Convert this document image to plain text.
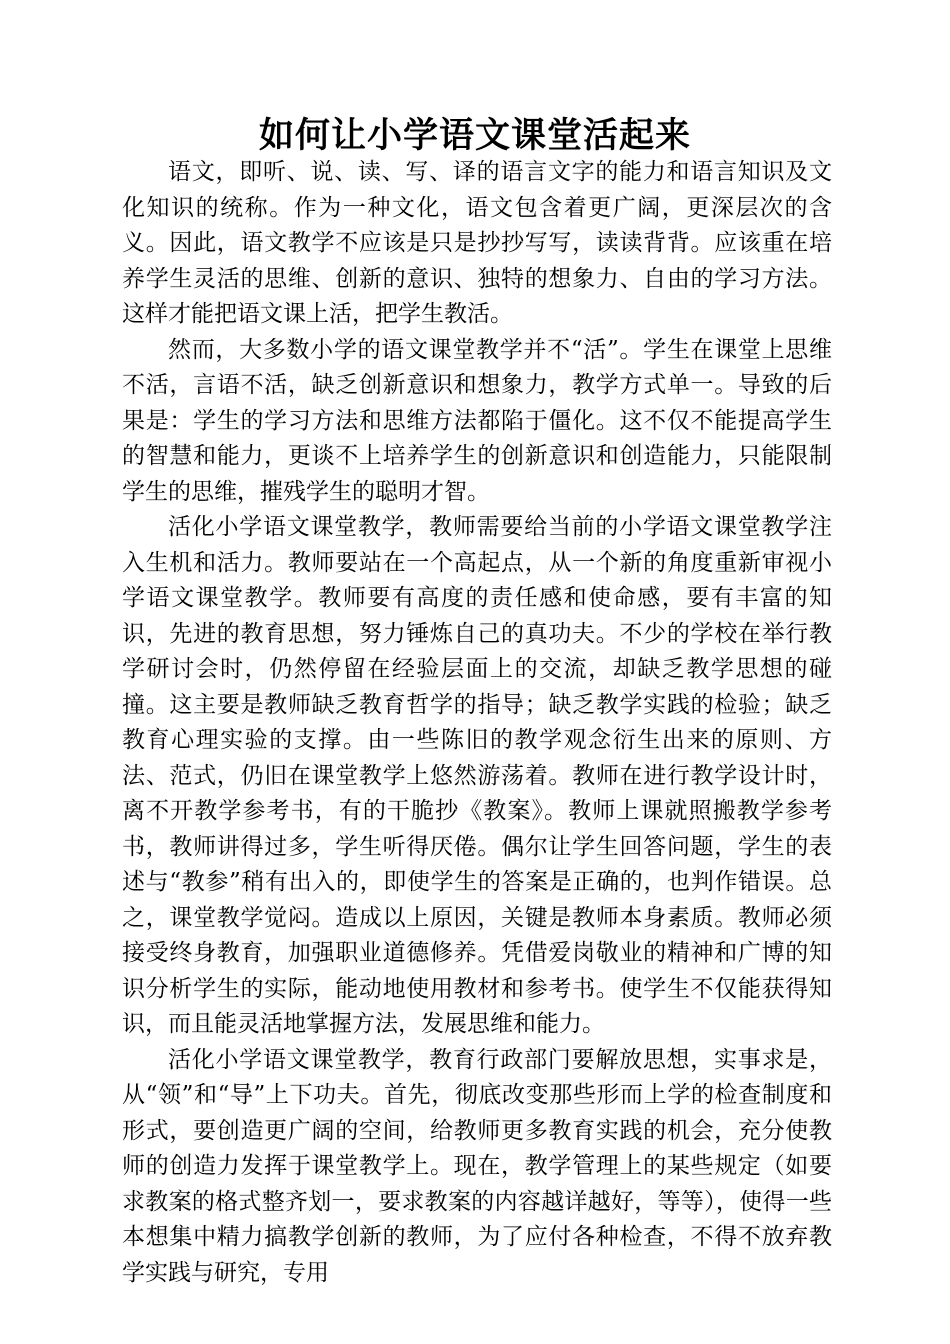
如何让小学语文课堂活起来

语文，即听、说、读、写、译的语言文字的能力和语言知识及文化知识的统称。作为一种文化，语文包含着更广阔，更深层次的含义。因此，语文教学不应该是只是抄抄写写，读读背背。应该重在培养学生灵活的思维、创新的意识、独特的想象力、自由的学习方法。这样才能把语文课上活，把学生教活。

然而，大多数小学的语文课堂教学并不“活”。学生在课堂上思维不活，言语不活，缺乏创新意识和想象力，教学方式单一。导致的后果是：学生的学习方法和思维方法都陷于僵化。这不仅不能提高学生的智慧和能力，更谈不上培养学生的创新意识和创造能力，只能限制学生的思维，摧残学生的聪明才智。

活化小学语文课堂教学，教师需要给当前的小学语文课堂教学注入生机和活力。教师要站在一个高起点，从一个新的角度重新审视小学语文课堂教学。教师要有高度的责任感和使命感，要有丰富的知识，先进的教育思想，努力锤炼自己的真功夫。不少的学校在举行教学研讨会时，仍然停留在经验层面上的交流，却缺乏教学思想的碰撞。这主要是教师缺乏教育哲学的指导；缺乏教学实践的检验；缺乏教育心理实验的支撑。由一些陈旧的教学观念衍生出来的原则、方法、范式，仍旧在课堂教学上悠然游荡着。教师在进行教学设计时，离不开教学参考书，有的干脆抄《教案》。教师上课就照搬教学参考书，教师讲得过多，学生听得厌倦。偶尔让学生回答问题，学生的表述与“教参”稍有出入的，即使学生的答案是正确的，也判作错误。总之，课堂教学觉闷。造成以上原因，关键是教师本身素质。教师必须接受终身教育，加强职业道德修养。凭借爱岗敬业的精神和广博的知识分析学生的实际，能动地使用教材和参考书。使学生不仅能获得知识，而且能灵活地掌握方法，发展思维和能力。

活化小学语文课堂教学，教育行政部门要解放思想，实事求是，从“领”和“导”上下功夫。首先，彻底改变那些形而上学的检查制度和形式，要创造更广阔的空间，给教师更多教育实践的机会，充分使教师的创造力发挥于课堂教学上。现在，教学管理上的某些规定（如要求教案的格式整齐划一，要求教案的内容越详越好，等等），使得一些本想集中精力搞教学创新的教师，为了应付各种检查，不得不放弃教学实践与研究，专用
